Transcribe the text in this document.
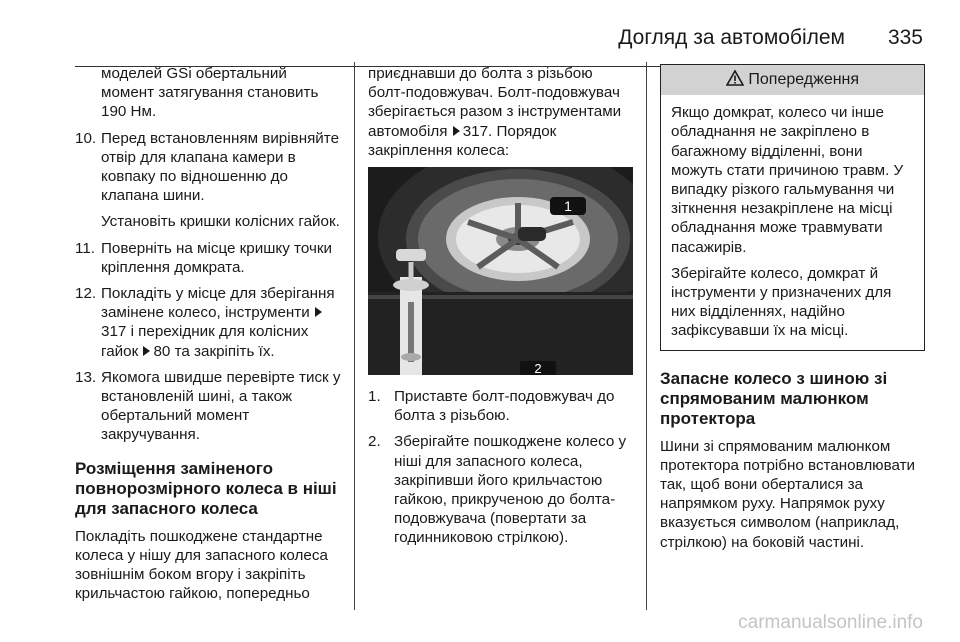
Догляд за автомобілем 335

моделей GSi обертальний момент затягування становить 190 Нм.

10. Перед встановленням вирівняйте отвір для клапана камери в ковпаку по відношенню до клапана шини.

Установіть кришки колісних гайок.

11. Поверніть на місце кришку точки кріплення домкрата.
12. Покладіть у місце для зберігання замінене колесо, інструменти 317 і перехідник для колісних гайок 80 та закріпіть їх.
13. Якомога швидше перевірте тиск у встановленій шині, а також обертальний момент закручування.
Розміщення заміненого повнорозмірного колеса в ніші для запасного колеса

Покладіть пошкоджене стандартне колеса у нішу для запасного колеса зовнішнім боком вгору і закріпіть крильчастою гайкою, попередньо

приєднавши до болта з різьбою болт-подовжувач. Болт-подовжувач зберігається разом з інструментами автомобіля 317. Порядок закріплення колеса:

1
2
1. Приставте болт-подовжувач до болта з різьбою.
2. Зберігайте пошкоджене колесо у ніші для запасного колеса, закріпивши його крильчастою гайкою, прикрученою до болта-подовжувача (повертати за годинниковою стрілкою).
Попередження

Якщо домкрат, колесо чи інше обладнання не закріплено в багажному відділенні, вони можуть стати причиною травм. У випадку різкого гальмування чи зіткнення незакріплене на місці обладнання може травмувати пасажирів.

Зберігайте колесо, домкрат й інструменти у призначених для них відділеннях, надійно зафіксувавши їх на місці.

Запасне колесо з шиною зі спрямованим малюнком протектора

Шини зі спрямованим малюнком протектора потрібно встановлювати так, щоб вони оберталися за напрямком руху. Напрямок руху вказується символом (наприклад, стрілкою) на боковій частині.

carmanualsonline.info
